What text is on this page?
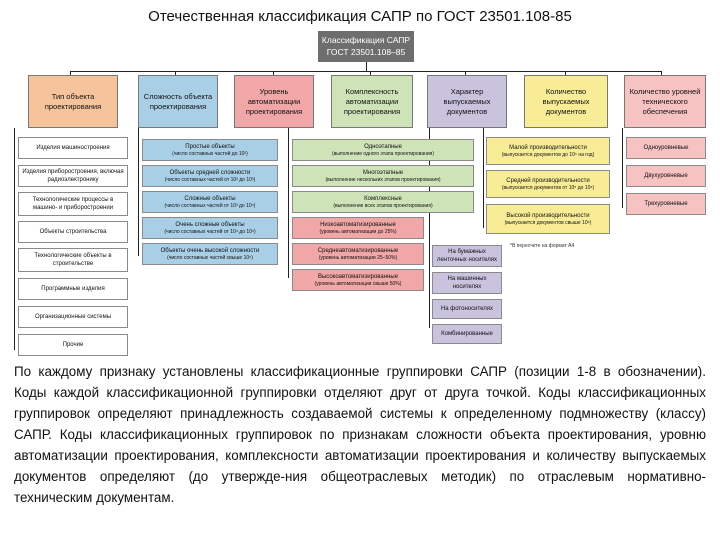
Отечественная классификация САПР по ГОСТ 23501.108-85
Классификация САПР
ГОСТ 23501.108–85
Тип объекта проектирования
Сложность объекта проектирования
Уровень автоматизации проектирования
Комплексность автоматизации проектирования
Характер выпускаемых документов
Количество выпускаемых документов
Количество уровней технического обеспечения
Изделия машиностроения
Изделия приборостроения, включая радиоэлектронику
Технологические процессы в машино- и приборостроении
Объекты строительства
Технологические объекты в строительстве
Программные изделия
Организационные системы
Прочие
Простые объекты
(число составных частей до 10²)
Объекты средней сложности
(число составных частей от 10² до 10³)
Сложные объекты
(число составных частей от 10³ до 10⁴)
Очень сложные объекты
(число составных частей от 10⁴ до 10⁶)
Объекты очень высокой сложности
(число составных частей свыше 10⁶)
Одноэтапные
(выполнение одного этапа проектирования)
Многоэтапные
(выполнение нескольких этапов проектирования)
Комплексные
(выполнение всех этапов проектирования)
Низкоавтоматизированные
(уровень автоматизации до 25%)
Среднеавтоматизированные
(уровень автоматизации 25–50%)
Высокоавтоматизированные
(уровень автоматизации свыше 50%)
На бумажных ленточных носителях
На машинных носителях
На фотоносителях
Комбинированные
Малой производительности
(выпускается документов до 10⁵ на год)
Средней производительности
(выпускается документов от 10⁵ до 10⁶)
Высокой производительности
(выпускается документов свыше 10⁶)
*В пересчете на формат А4
Одноуровневые
Двухуровневые
Трехуровневые
По каждому признаку установлены классификационные группировки САПР (позиции 1-8 в обозначении). Коды каждой классификационной группировки отделяют друг от друга точкой. Коды классификационных группировок определяют принадлежность создаваемой системы к определенному подмножеству (классу) САПР. Коды классификационных группировок по признакам сложности объекта проектирования, уровню автоматизации проектирования, комплексности автоматизации проектирования и количеству выпускаемых документов определяют (до утвержде-ния общеотраслевых методик) по отраслевым нормативно-техническим документам.
